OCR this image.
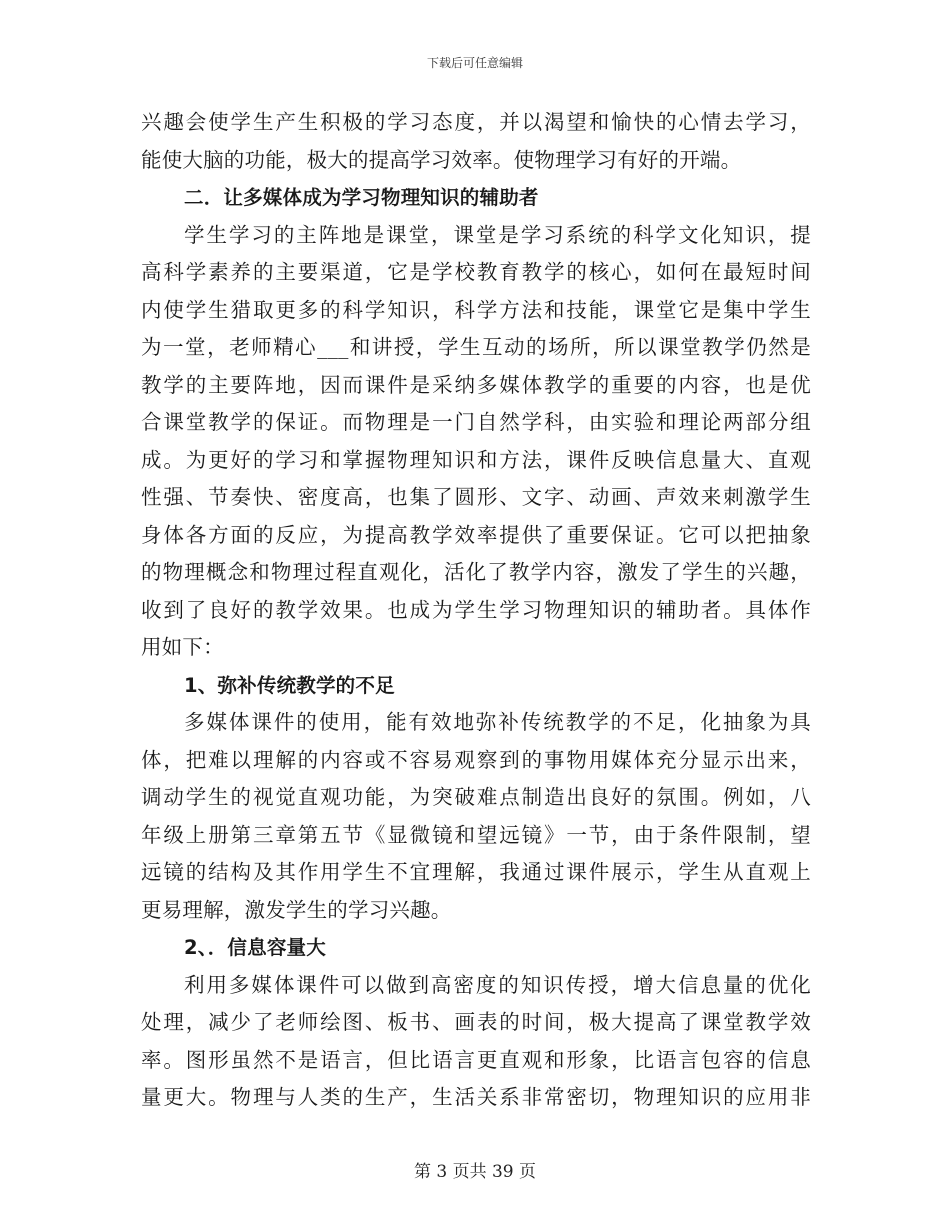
下载后可任意编辑
兴趣会使学生产生积极的学习态度，并以渴望和愉快的心情去学习，
能使大脑的功能，极大的提高学习效率。使物理学习有好的开端。
二．让多媒体成为学习物理知识的辅助者
学生学习的主阵地是课堂，课堂是学习系统的科学文化知识，提
高科学素养的主要渠道，它是学校教育教学的核心，如何在最短时间
内使学生猎取更多的科学知识，科学方法和技能，课堂它是集中学生
为一堂，老师精心___和讲授，学生互动的场所，所以课堂教学仍然是
教学的主要阵地，因而课件是采纳多媒体教学的重要的内容，也是优
合课堂教学的保证。而物理是一门自然学科，由实验和理论两部分组
成。为更好的学习和掌握物理知识和方法，课件反映信息量大、直观
性强、节奏快、密度高，也集了圆形、文字、动画、声效来刺激学生
身体各方面的反应，为提高教学效率提供了重要保证。它可以把抽象
的物理概念和物理过程直观化，活化了教学内容，激发了学生的兴趣，
收到了良好的教学效果。也成为学生学习物理知识的辅助者。具体作
用如下：
1、弥补传统教学的不足
多媒体课件的使用，能有效地弥补传统教学的不足，化抽象为具
体，把难以理解的内容或不容易观察到的事物用媒体充分显示出来，
调动学生的视觉直观功能，为突破难点制造出良好的氛围。例如，八
年级上册第三章第五节《显微镜和望远镜》一节，由于条件限制，望
远镜的结构及其作用学生不宜理解，我通过课件展示，学生从直观上
更易理解，激发学生的学习兴趣。
2、．信息容量大
利用多媒体课件可以做到高密度的知识传授，增大信息量的优化
处理，减少了老师绘图、板书、画表的时间，极大提高了课堂教学效
率。图形虽然不是语言，但比语言更直观和形象，比语言包容的信息
量更大。物理与人类的生产，生活关系非常密切，物理知识的应用非
第 3 页共 39 页
